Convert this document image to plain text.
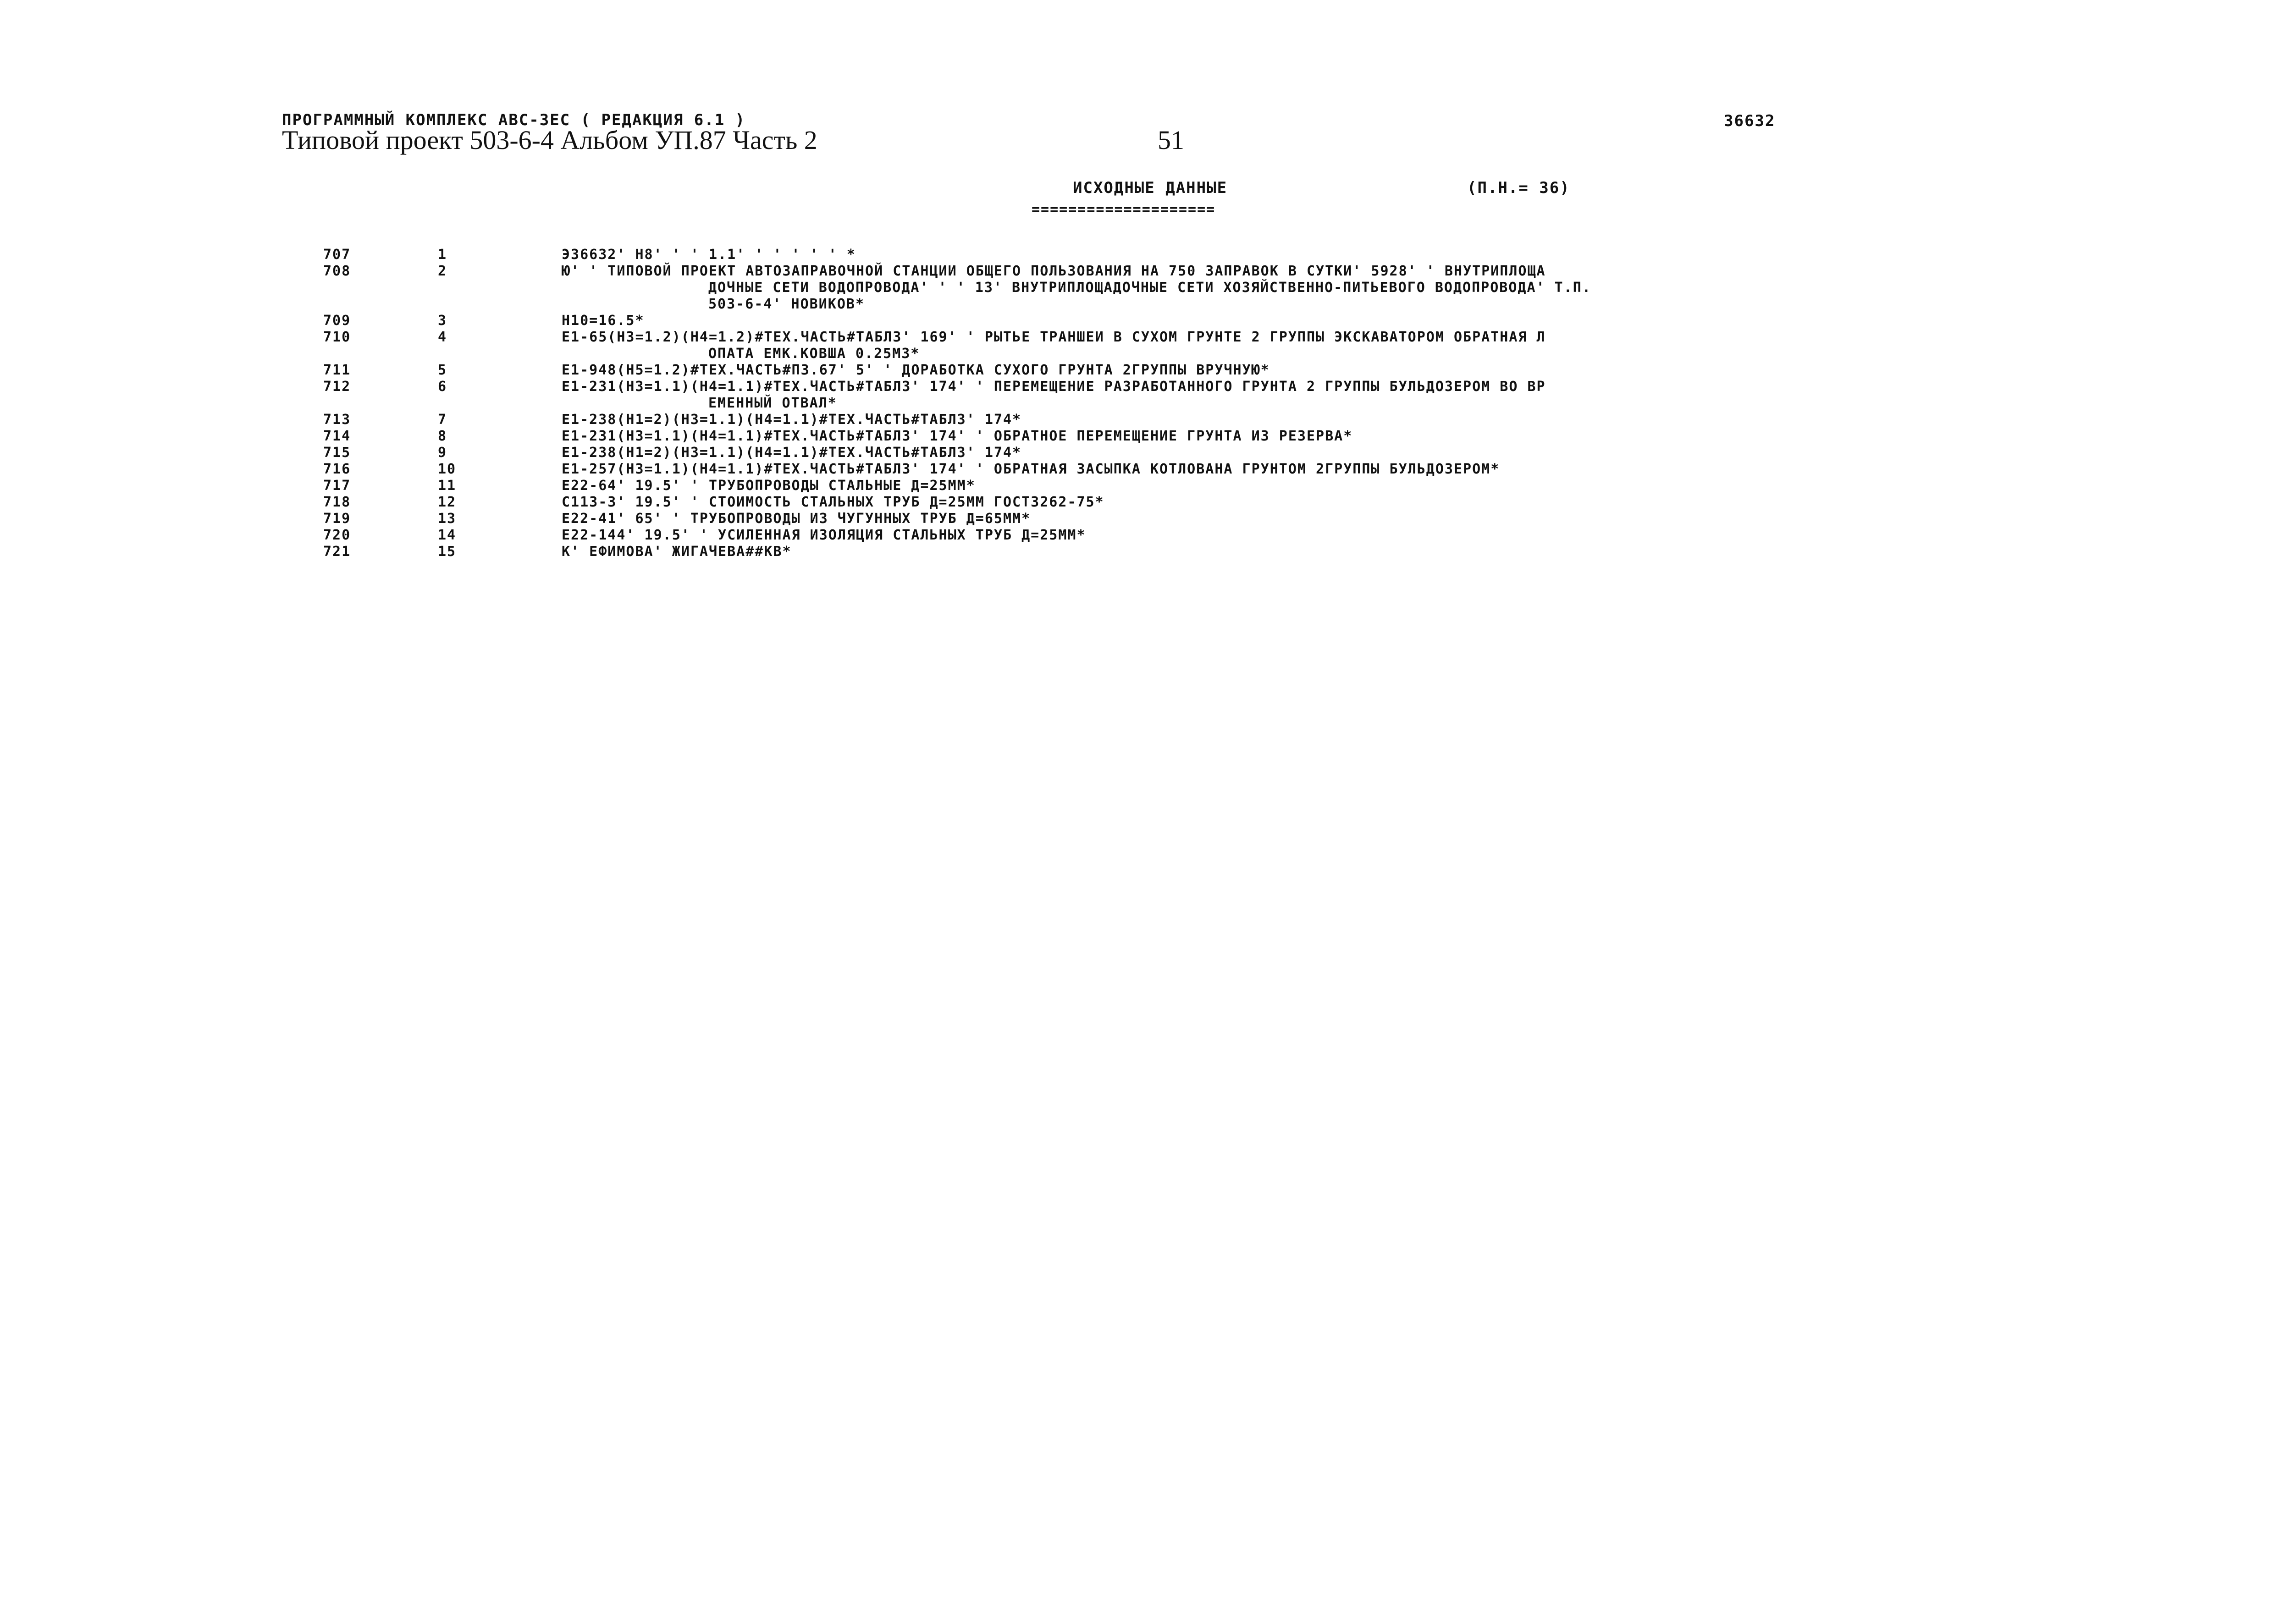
ПРОГРАММНЫЙ КОМПЛЕКС АВС-3ЕС ( РЕДАКЦИЯ 6.1 )
Типовой проект 503-6-4 Альбом УП.87 Часть 2	51
36632
ИСХОДНЫЕ ДАННЫЕ
====================
(П.Н.= 36)
707	1	Э36632' Н8' ' ' 1.1' ' ' ' ' ' *
708	2	Ю' ' ТИПОВОЙ ПРОЕКТ АВТОЗАПРАВОЧНОЙ СТАНЦИИ ОБЩЕГО ПОЛЬЗОВАНИЯ НА 750 ЗАПРАВОК В СУТКИ' 5928' ' ВНУТРИПЛОЩА
ДОЧНЫЕ СЕТИ ВОДОПРОВОДА' ' ' 13' ВНУТРИПЛОЩАДОЧНЫЕ СЕТИ ХОЗЯЙСТВЕННО-ПИТЬЕВОГО ВОДОПРОВОДА' Т.П.
503-6-4' НОВИКОВ*
709	3	Н10=16.5*
710	4	Е1-65(Н3=1.2)(Н4=1.2)#ТЕХ.ЧАСТЬ#ТАБЛ3' 169' ' РЫТЬЕ ТРАНШЕИ В СУХОМ ГРУНТЕ 2 ГРУППЫ ЭКСКАВАТОРОМ ОБРАТНАЯ Л
ОПАТА ЕМК.КОВША 0.25М3*
711	5	Е1-948(Н5=1.2)#ТЕХ.ЧАСТЬ#П3.67' 5' ' ДОРАБОТКА СУХОГО ГРУНТА 2ГРУППЫ ВРУЧНУЮ*
712	6	Е1-231(Н3=1.1)(Н4=1.1)#ТЕХ.ЧАСТЬ#ТАБЛ3' 174' ' ПЕРЕМЕЩЕНИЕ РАЗРАБОТАННОГО ГРУНТА 2 ГРУППЫ БУЛЬДОЗЕРОМ ВО ВР
ЕМЕННЫЙ ОТВАЛ*
713	7	Е1-238(Н1=2)(Н3=1.1)(Н4=1.1)#ТЕХ.ЧАСТЬ#ТАБЛ3' 174*
714	8	Е1-231(Н3=1.1)(Н4=1.1)#ТЕХ.ЧАСТЬ#ТАБЛ3' 174' ' ОБРАТНОЕ ПЕРЕМЕЩЕНИЕ ГРУНТА ИЗ РЕЗЕРВА*
715	9	Е1-238(Н1=2)(Н3=1.1)(Н4=1.1)#ТЕХ.ЧАСТЬ#ТАБЛ3' 174*
716	10	Е1-257(Н3=1.1)(Н4=1.1)#ТЕХ.ЧАСТЬ#ТАБЛ3' 174' ' ОБРАТНАЯ ЗАСЫПКА КОТЛОВАНА ГРУНТОМ 2ГРУППЫ БУЛЬДОЗЕРОМ*
717	11	Е22-64' 19.5' ' ТРУБОПРОВОДЫ СТАЛЬНЫЕ Д=25ММ*
718	12	С113-3' 19.5' ' СТОИМОСТЬ СТАЛЬНЫХ ТРУБ Д=25ММ ГОСТ3262-75*
719	13	Е22-41' 65' ' ТРУБОПРОВОДЫ ИЗ ЧУГУННЫХ ТРУБ Д=65ММ*
720	14	Е22-144' 19.5' ' УСИЛЕННАЯ ИЗОЛЯЦИЯ СТАЛЬНЫХ ТРУБ Д=25ММ*
721	15	К' ЕФИМОВА' ЖИГАЧЕВА##КВ*
